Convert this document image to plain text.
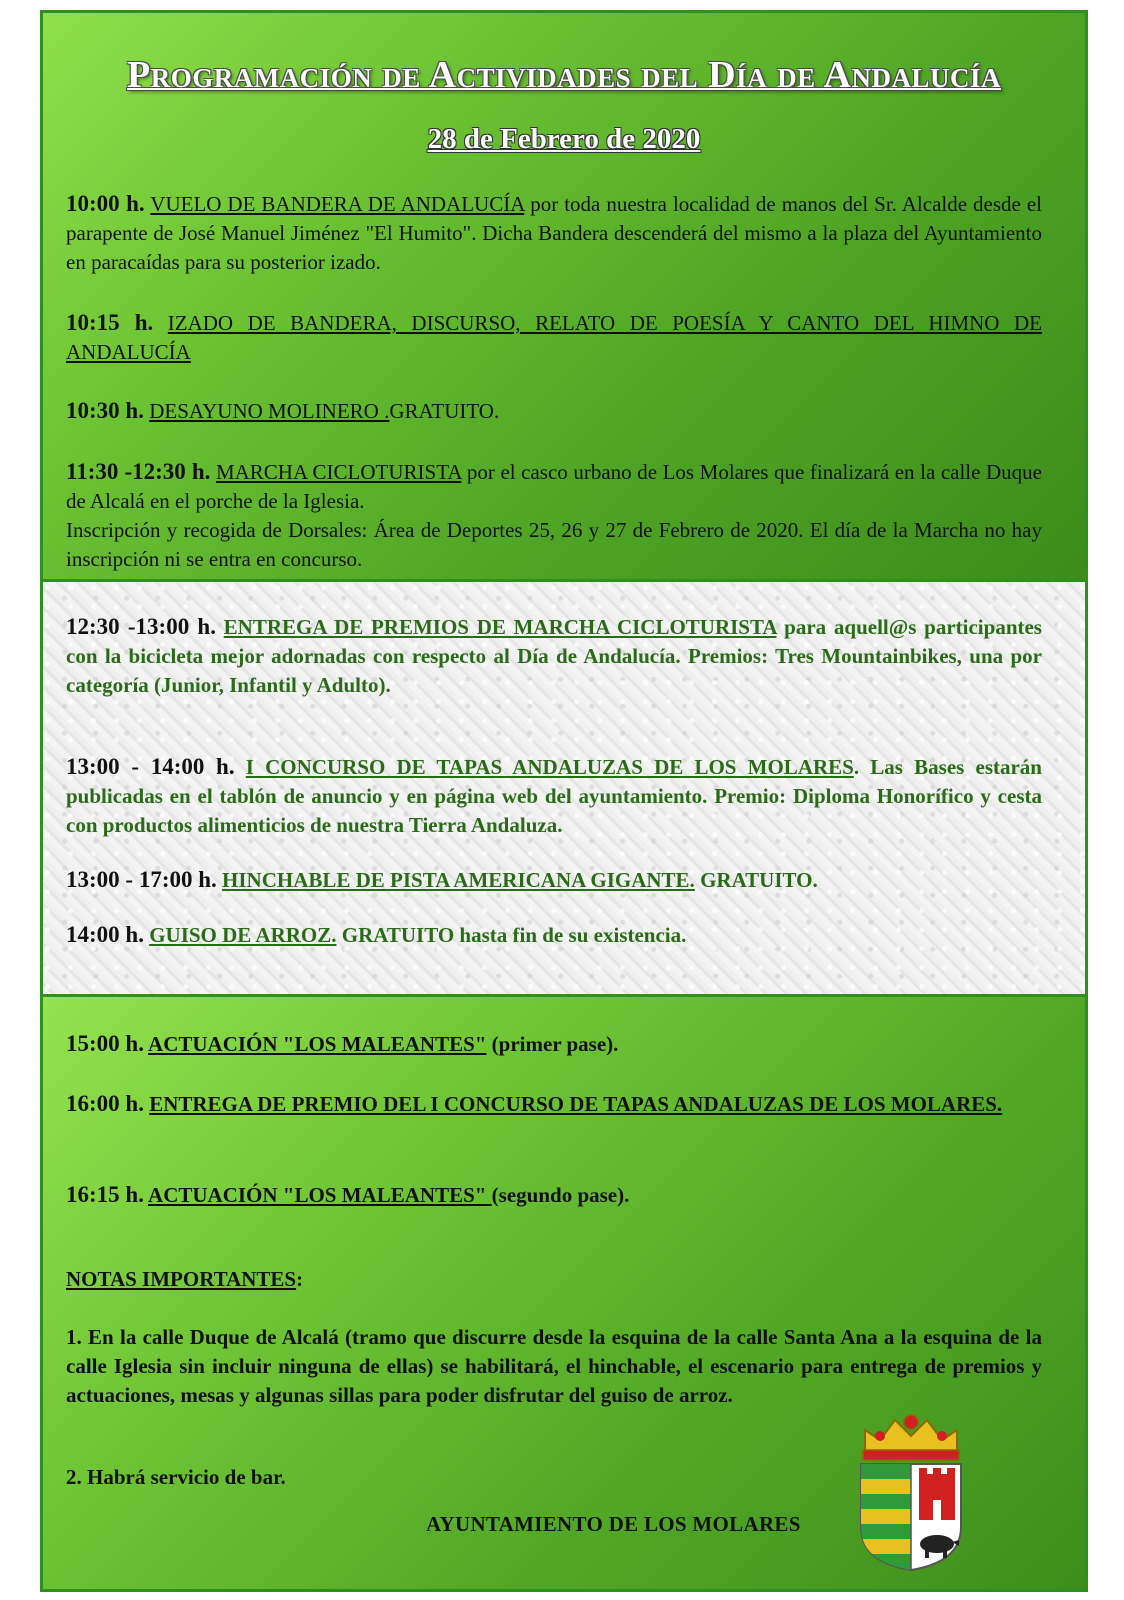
Programación de Actividades del Día de Andalucía
28 de Febrero de 2020
10:00 h. VUELO DE BANDERA DE ANDALUCÍA por toda nuestra localidad de manos del Sr. Alcalde desde el parapente de José Manuel Jiménez "El Humito". Dicha Bandera descenderá del mismo a la plaza del Ayuntamiento en paracaídas para su posterior izado.
10:15 h. IZADO DE BANDERA, DISCURSO, RELATO DE POESÍA Y CANTO DEL HIMNO DE ANDALUCÍA
10:30 h. DESAYUNO MOLINERO .GRATUITO.
11:30 -12:30 h. MARCHA CICLOTURISTA por el casco urbano de Los Molares que finalizará en la calle Duque de Alcalá en el porche de la Iglesia.
Inscripción y recogida de Dorsales: Área de Deportes 25, 26 y 27 de Febrero de 2020. El día de la Marcha no hay inscripción ni se entra en concurso.
12:30 -13:00 h. ENTREGA DE PREMIOS DE MARCHA CICLOTURISTA para aquell@s participantes con la bicicleta mejor adornadas con respecto al Día de Andalucía. Premios: Tres Mountainbikes, una por categoría (Junior, Infantil y Adulto).
13:00 - 14:00 h. I CONCURSO DE TAPAS ANDALUZAS DE LOS MOLARES. Las Bases estarán publicadas en el tablón de anuncio y en página web del ayuntamiento. Premio: Diploma Honorífico y cesta con productos alimenticios de nuestra Tierra Andaluza.
13:00 - 17:00 h. HINCHABLE DE PISTA AMERICANA GIGANTE. GRATUITO.
14:00 h. GUISO DE ARROZ. GRATUITO hasta fin de su existencia.
15:00 h. ACTUACIÓN "LOS MALEANTES" (primer pase).
16:00 h. ENTREGA DE PREMIO DEL I CONCURSO DE TAPAS ANDALUZAS DE LOS MOLARES.
16:15 h. ACTUACIÓN "LOS MALEANTES" (segundo pase).
NOTAS IMPORTANTES:
1. En la calle Duque de Alcalá (tramo que discurre desde la esquina de la calle Santa Ana a la esquina de la calle Iglesia sin incluir ninguna de ellas) se habilitará, el hinchable, el escenario para entrega de premios y actuaciones, mesas y algunas sillas para poder disfrutar del guiso de arroz.
2. Habrá servicio de bar.
AYUNTAMIENTO DE LOS MOLARES
